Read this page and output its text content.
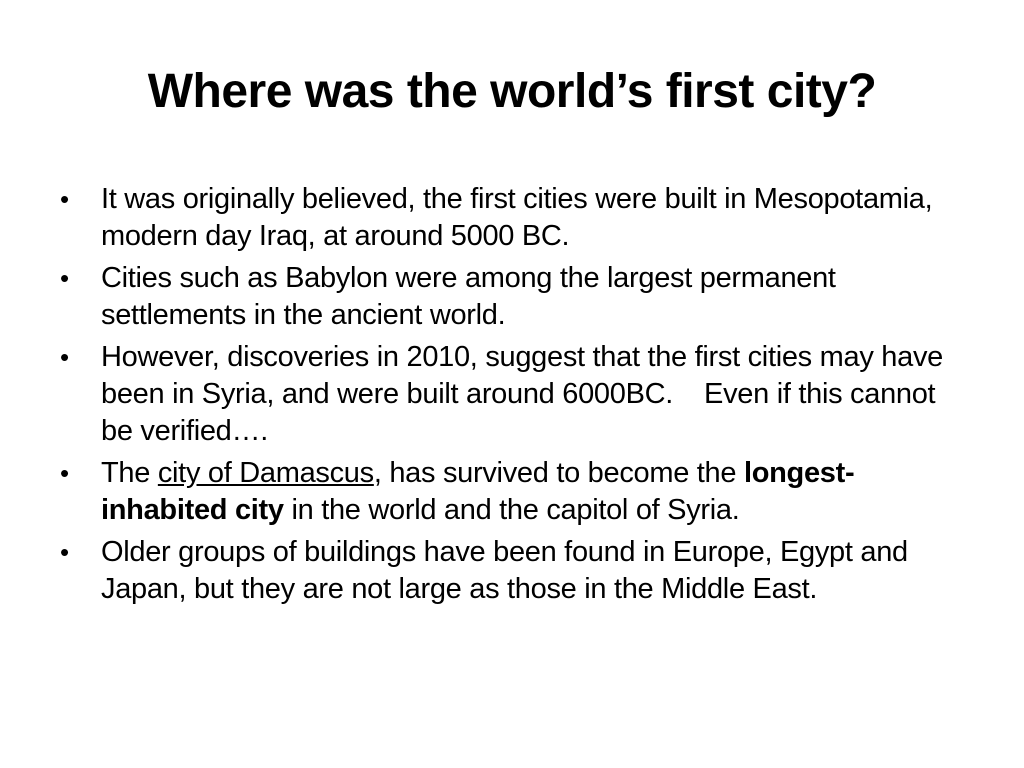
Where was the world’s first city?
•	It was originally believed, the first cities were built in Mesopotamia, modern day Iraq, at around 5000 BC.
•	Cities such as Babylon were among the largest permanent settlements in the ancient world.
•	However, discoveries in 2010, suggest that the first cities may have been in Syria, and were built around 6000BC.    Even if this cannot be verified….
•	The city of Damascus, has survived to become the longest-inhabited city in the world and the capitol of Syria.
•	Older groups of buildings have been found in Europe, Egypt and Japan, but they are not large as those in the Middle East.
